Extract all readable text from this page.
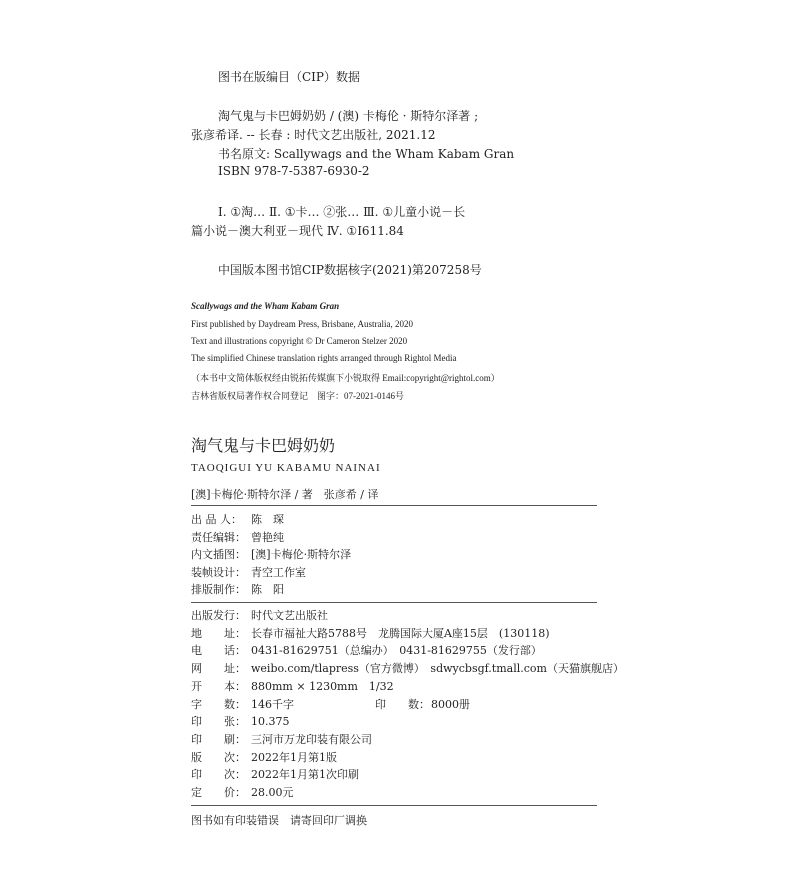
图书在版编目（CIP）数据
淘气鬼与卡巴姆奶奶 / (澳) 卡梅伦 · 斯特尔泽著 ;
张彦希译. -- 长春 : 时代文艺出版社, 2021.12
书名原文: Scallywags and the Wham Kabam Gran
ISBN 978-7-5387-6930-2
Ⅰ. ①淘… Ⅱ. ①卡… ②张… Ⅲ. ①儿童小说－长
篇小说－澳大利亚－现代 Ⅳ. ①I611.84
中国版本图书馆CIP数据核字(2021)第207258号
Scallywags and the Wham Kabam Gran
First published by Daydream Press, Brisbane, Australia, 2020
Text and illustrations copyright © Dr Cameron Stelzer 2020
The simplified Chinese translation rights arranged through Rightol Media
（本书中文简体版权经由锐拓传媒旗下小锐取得 Email:copyright@rightol.com）
吉林省版权局著作权合同登记　图字：07-2021-0146号
淘气鬼与卡巴姆奶奶
TAOQIGUI YU KABAMU NAINAI
[澳]卡梅伦·斯特尔泽 / 著　张彦希 / 译
出 品 人： 陈　琛
责任编辑： 曾艳纯
内文插图： [澳]卡梅伦·斯特尔泽
装帧设计： 青空工作室
排版制作： 陈　阳
出版发行： 时代文艺出版社
地　　址： 长春市福祉大路5788号　龙腾国际大厦A座15层　(130118)
电　　话： 0431-81629751（总编办）　0431-81629755（发行部）
网　　址： weibo.com/tlapress（官方微博）　sdwycbsgf.tmall.com（天猫旗舰店）
开　　本： 880mm × 1230mm　1/32
字　　数： 146千字	印　　数：8000册
印　　张： 10.375
印　　刷： 三河市万龙印装有限公司
版　　次： 2022年1月第1版
印　　次： 2022年1月第1次印刷
定　　价： 28.00元
图书如有印装错误　请寄回印厂调换
